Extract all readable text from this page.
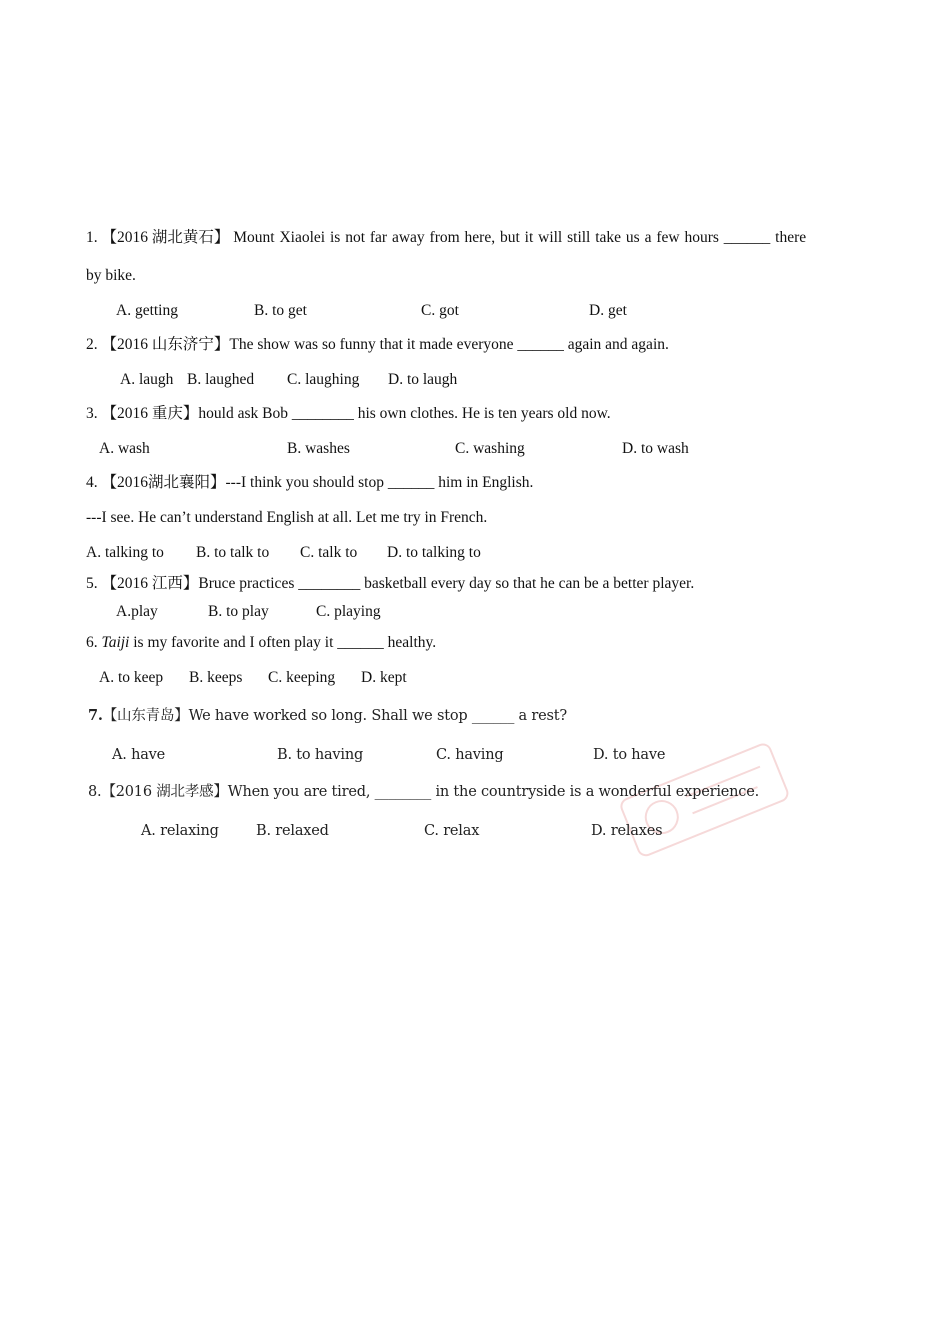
1. 【2016 湖北黄石】 Mount Xiaolei is not far away from here, but it will still take us a few hours ______ there
by bike.
A. getting	B. to get	C. got	D. get
2. 【2016 山东济宁】The show was so funny that it made everyone ______ again and again.
A. laugh B. laughed C. laughing D. to laugh
3. 【2016 重庆】hould ask Bob ________ his own clothes. He is ten years old now.
A. wash	B. washes	C. washing	D. to wash
4. 【2016湖北襄阳】---I think you should stop ______ him in English.
---I see. He can’t understand English at all. Let me try in French.
A. talking to B. to talk to C. talk to D. to talking to
5. 【2016 江西】Bruce practices ________ basketball every day so that he can be a better player.
A.play	B. to play	C. playing
6. Taiji is my favorite and I often play it ______ healthy.
A. to keep B. keeps C. keeping D. kept
7.【山东青岛】We have worked so long. Shall we stop ______ a rest?
A. have	B. to having	C. having	D. to have
8.【2016 湖北孝感】When you are tired, ________ in the countryside is a wonderful experience.
A. relaxing	B. relaxed	C. relax	D. relaxes
